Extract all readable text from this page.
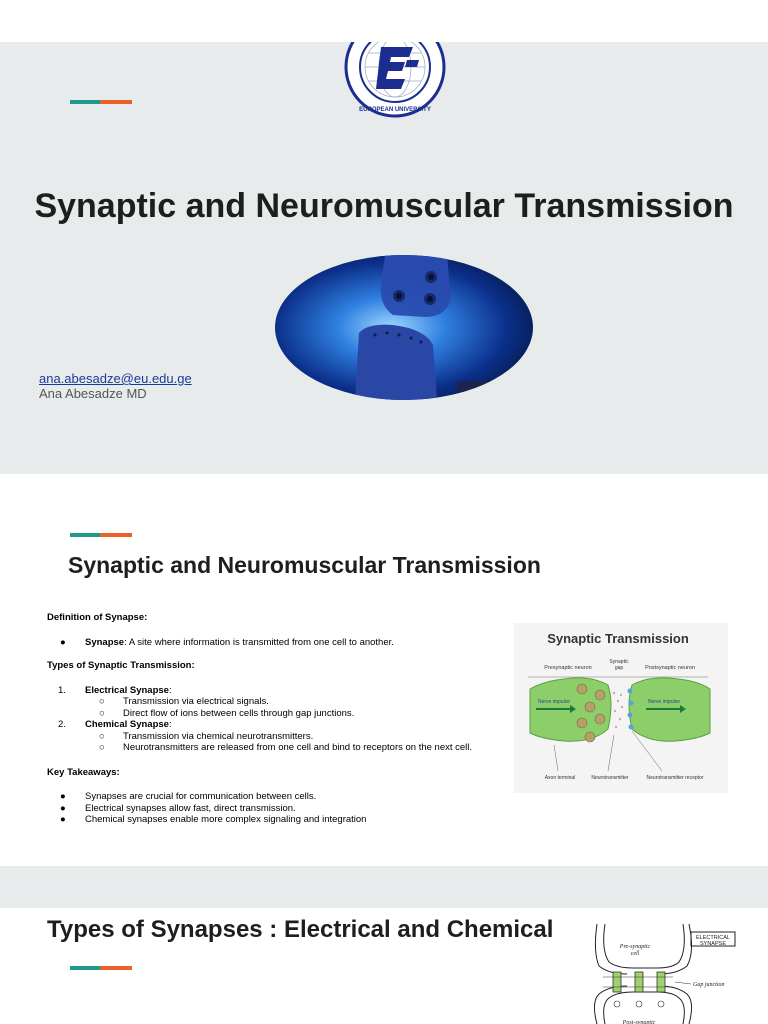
EUROPEAN UNIVERSITY
Synaptic and Neuromuscular Transmission
ana.abesadze@eu.edu.ge
Ana Abesadze MD
Synaptic and Neuromuscular Transmission
Definition of Synapse:
● Synapse: A site where information is transmitted from one cell to another.
Types of Synaptic Transmission:
1. Electrical Synapse:
○ Transmission via electrical signals.
○ Direct flow of ions between cells through gap junctions.
2. Chemical Synapse:
○ Transmission via chemical neurotransmitters.
○ Neurotransmitters are released from one cell and bind to receptors on the next cell.
Key Takeaways:
● Synapses are crucial for communication between cells.
● Electrical synapses allow fast, direct transmission.
● Chemical synapses enable more complex signaling and integration
Synaptic Transmission
Presynaptic neuron
Synaptic
gap	Postsynaptic neuron
Nerve impulse	Nerve impulse
Axon terminal	Neurotransmitter	Neurotransmitter receptor
Types of Synapses : Electrical and Chemical	ELECTRICAL
SYNAPSE
Pre-synaptic
cell
Gap junction
Post-synaptic
